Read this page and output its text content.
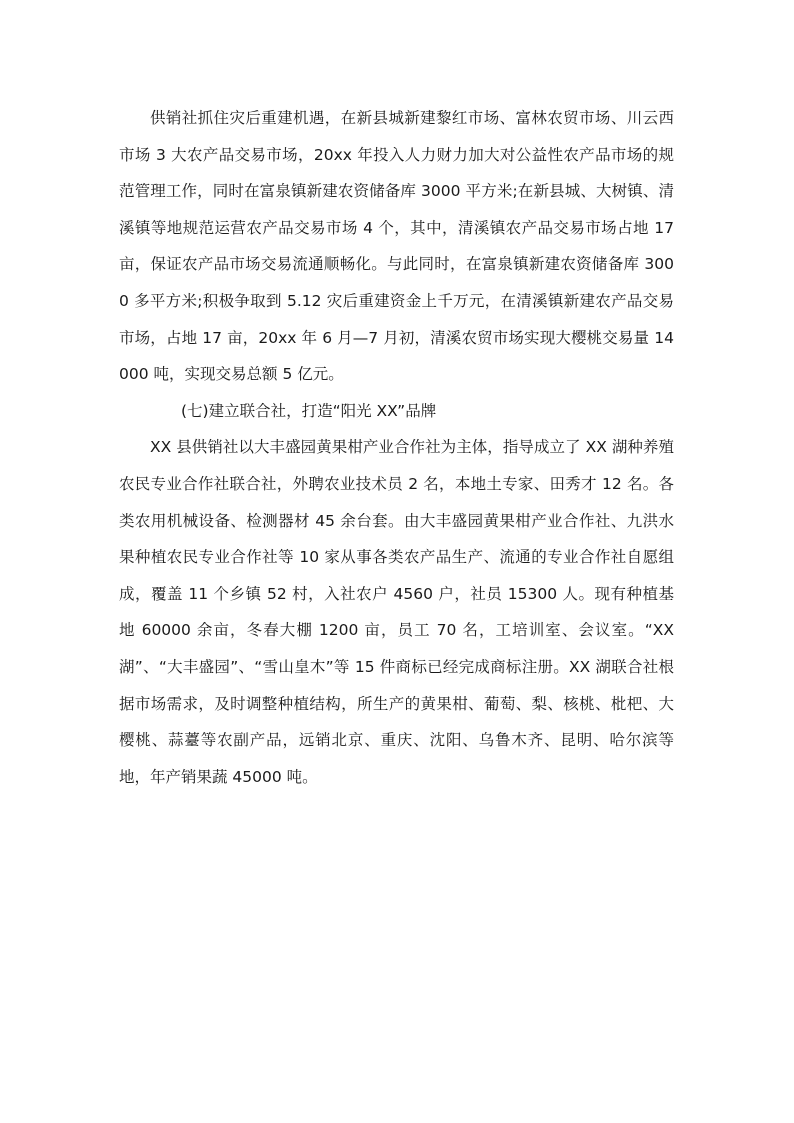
供销社抓住灾后重建机遇，在新县城新建黎红市场、富林农贸市场、川云西市场 3 大农产品交易市场，20xx 年投入人力财力加大对公益性农产品市场的规范管理工作，同时在富泉镇新建农资储备库 3000 平方米;在新县城、大树镇、清溪镇等地规范运营农产品交易市场 4 个，其中，清溪镇农产品交易市场占地 17 亩，保证农产品市场交易流通顺畅化。与此同时，在富泉镇新建农资储备库 3000 多平方米;积极争取到 5.12 灾后重建资金上千万元，在清溪镇新建农产品交易市场，占地 17 亩，20xx 年 6 月—7 月初，清溪农贸市场实现大樱桃交易量 14000 吨，实现交易总额 5 亿元。

(七)建立联合社，打造“阳光 XX”品牌

XX 县供销社以大丰盛园黄果柑产业合作社为主体，指导成立了 XX 湖种养殖农民专业合作社联合社，外聘农业技术员 2 名，本地土专家、田秀才 12 名。各类农用机械设备、检测器材 45 余台套。由大丰盛园黄果柑产业合作社、九洪水果种植农民专业合作社等 10 家从事各类农产品生产、流通的专业合作社自愿组成，覆盖 11 个乡镇 52 村，入社农户 4560 户，社员 15300 人。现有种植基地 60000 余亩，冬春大棚 1200 亩，员工 70 名，工培训室、会议室。“XX 湖”、“大丰盛园”、“雪山皇木”等 15 件商标已经完成商标注册。XX 湖联合社根据市场需求，及时调整种植结构，所生产的黄果柑、葡萄、梨、核桃、枇杷、大樱桃、蒜薹等农副产品，远销北京、重庆、沈阳、乌鲁木齐、昆明、哈尔滨等地，年产销果蔬 45000 吨。
